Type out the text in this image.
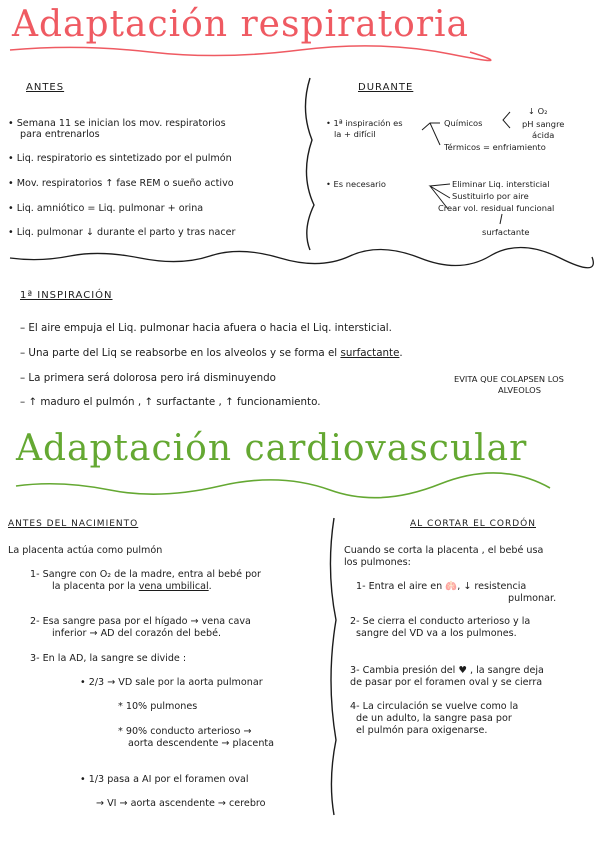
Adaptación respiratoria
ANTES
• Semana 11 se inician los mov. respiratorios
para entrenarlos
• Liq. respiratorio es sintetizado por el pulmón
• Mov. respiratorios ↑ fase REM o sueño activo
• Liq. amniótico = Liq. pulmonar + orina
• Liq. pulmonar ↓ durante el parto y tras nacer
DURANTE
• 1ª inspiración es
la + difícil
Químicos
↓ O₂
pH sangre
ácida
Térmicos = enfriamiento
• Es necesario	Eliminar Liq. intersticial
Sustituirlo por aire
Crear vol. residual funcional
surfactante
1ª INSPIRACIÓN
– El aire empuja el Liq. pulmonar hacia afuera o hacia el Liq. intersticial.
– Una parte del Liq se reabsorbe en los alveolos y se forma el surfactante.
– La primera será dolorosa pero irá disminuyendo
– ↑ maduro el pulmón , ↑ surfactante , ↑ funcionamiento.
EVITA QUE COLAPSEN LOS
ALVEOLOS
Adaptación cardiovascular
ANTES DEL NACIMIENTO
La placenta actúa como pulmón
1- Sangre con O₂ de la madre, entra al bebé por
la placenta por la vena umbilical.
2- Esa sangre pasa por el hígado → vena cava
inferior → AD del corazón del bebé.
3- En la AD, la sangre se divide :
• 2/3 → VD sale por la aorta pulmonar
* 10% pulmones
* 90% conducto arterioso →
aorta descendente → placenta
• 1/3 pasa a AI por el foramen oval
→ VI → aorta ascendente → cerebro
AL CORTAR EL CORDÓN
Cuando se corta la placenta , el bebé usa
los pulmones:
1- Entra el aire en 🫁, ↓ resistencia
pulmonar.
2- Se cierra el conducto arterioso y la
sangre del VD va a los pulmones.
3- Cambia presión del ♥ , la sangre deja
de pasar por el foramen oval y se cierra
4- La circulación se vuelve como la
de un adulto, la sangre pasa por
el pulmón para oxigenarse.
